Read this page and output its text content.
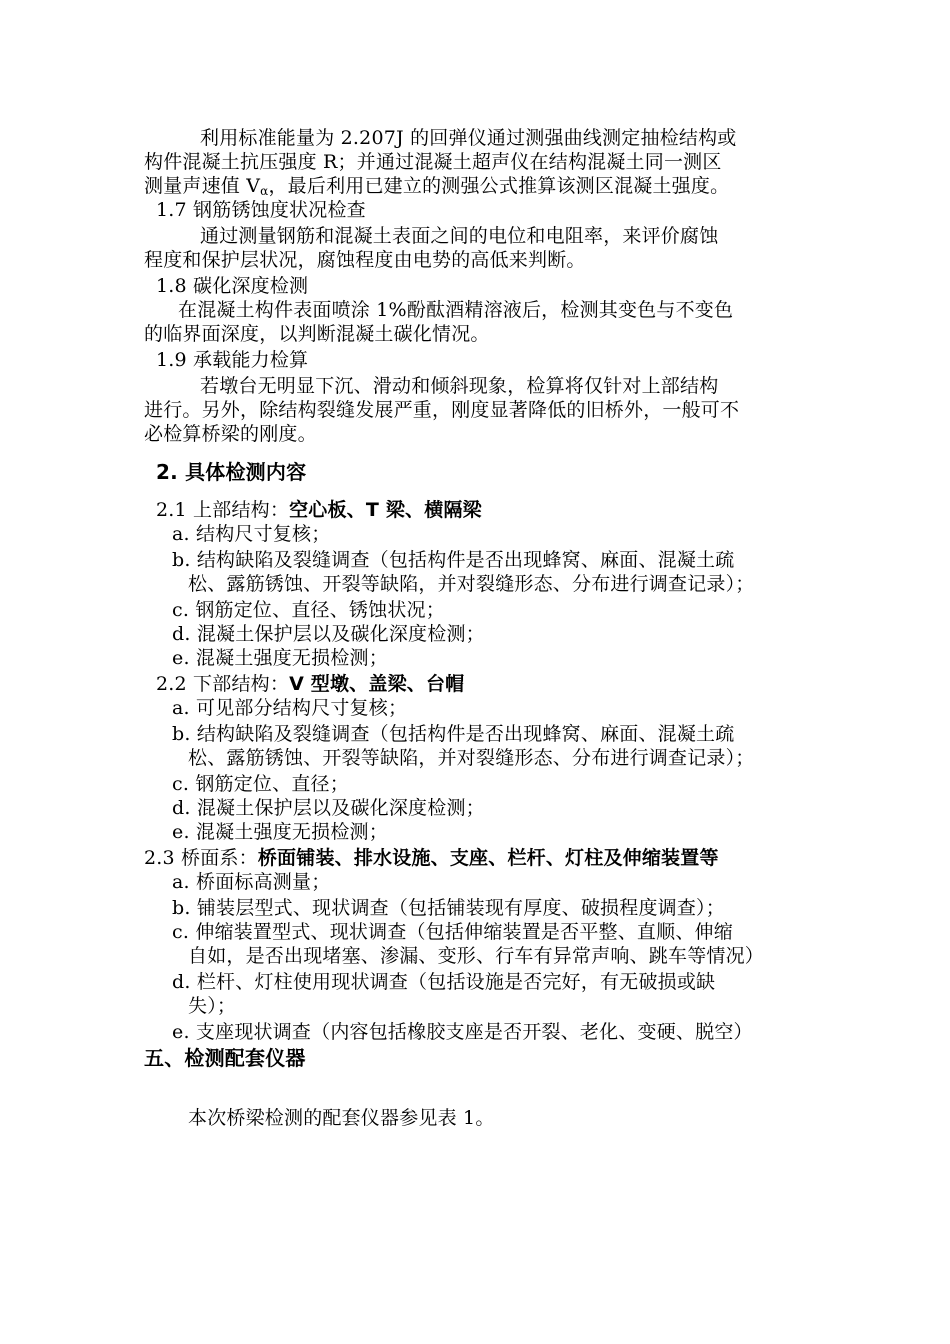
利用标准能量为 2.207J 的回弹仪通过测强曲线测定抽检结构或
构件混凝土抗压强度 R；并通过混凝土超声仪在结构混凝土同一测区
测量声速值 $V_\alpha$，最后利用已建立的测强公式推算该测区混凝土强度。
1.7 钢筋锈蚀度状况检查
通过测量钢筋和混凝土表面之间的电位和电阻率，来评价腐蚀
程度和保护层状况，腐蚀程度由电势的高低来判断。
1.8 碳化深度检测
在混凝土构件表面喷涂 1%酚酞酒精溶液后，检测其变色与不变色
的临界面深度，以判断混凝土碳化情况。
1.9 承载能力检算
若墩台无明显下沉、滑动和倾斜现象，检算将仅针对上部结构
进行。另外，除结构裂缝发展严重，刚度显著降低的旧桥外，一般可不
必检算桥梁的刚度。
2. 具体检测内容
2.1 上部结构：空心板、T 梁、横隔梁
a. 结构尺寸复核；
b. 结构缺陷及裂缝调查（包括构件是否出现蜂窝、麻面、混凝土疏
松、露筋锈蚀、开裂等缺陷，并对裂缝形态、分布进行调查记录）；
c. 钢筋定位、直径、锈蚀状况；
d. 混凝土保护层以及碳化深度检测；
e. 混凝土强度无损检测；
2.2 下部结构：V 型墩、盖梁、台帽
a. 可见部分结构尺寸复核；
b. 结构缺陷及裂缝调查（包括构件是否出现蜂窝、麻面、混凝土疏
松、露筋锈蚀、开裂等缺陷，并对裂缝形态、分布进行调查记录）；
c. 钢筋定位、直径；
d. 混凝土保护层以及碳化深度检测；
e. 混凝土强度无损检测；
2.3 桥面系：桥面铺装、排水设施、支座、栏杆、灯柱及伸缩装置等
a. 桥面标高测量；
b. 铺装层型式、现状调查（包括铺装现有厚度、破损程度调查）；
c. 伸缩装置型式、现状调查（包括伸缩装置是否平整、直顺、伸缩
自如，是否出现堵塞、渗漏、变形、行车有异常声响、跳车等情况）
d. 栏杆、灯柱使用现状调查（包括设施是否完好，有无破损或缺
失）；
e. 支座现状调查（内容包括橡胶支座是否开裂、老化、变硬、脱空）
五、检测配套仪器
本次桥梁检测的配套仪器参见表 1。
